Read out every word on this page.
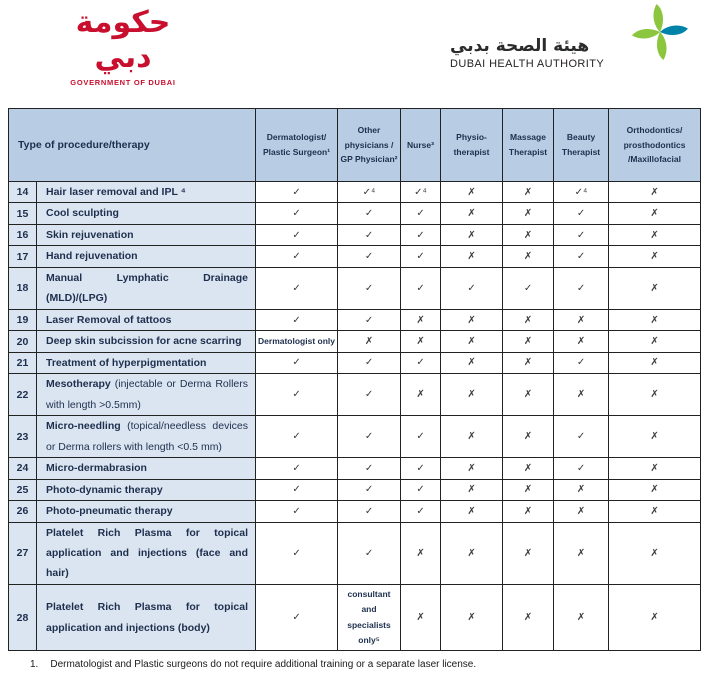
حكومة دبي
GOVERNMENT OF DUBAI
هيئة الصحة بدبي
DUBAI HEALTH AUTHORITY
Type of procedure/therapy		Dermatologist/ Plastic Surgeon¹	Other physicians / GP Physician²	Nurse³	Physio- therapist	Massage Therapist	Beauty Therapist	Orthodontics/ prosthodontics /Maxillofacial
14	Hair laser removal and IPL ⁴	✓	✓⁴	✓⁴	✗	✗	✓⁴	✗
15	Cool sculpting	✓	✓	✓	✗	✗	✓	✗
16	Skin rejuvenation	✓	✓	✓	✗	✗	✓	✗
17	Hand rejuvenation	✓	✓	✓	✗	✗	✓	✗
18	Manual Lymphatic Drainage (MLD)/(LPG)	✓	✓	✓	✓	✓	✓	✗
19	Laser Removal of tattoos	✓	✓	✗	✗	✗	✗	✗
20	Deep skin subcission for acne scarring	Dermatologist only	✗	✗	✗	✗	✗	✗
21	Treatment of hyperpigmentation	✓	✓	✓	✗	✗	✓	✗
22	Mesotherapy (injectable or Derma Rollers with length >0.5mm)	✓	✓	✗	✗	✗	✗	✗
23	Micro-needling (topical/needless devices or Derma rollers with length <0.5 mm)	✓	✓	✓	✗	✗	✓	✗
24	Micro-dermabrasion	✓	✓	✓	✗	✗	✓	✗
25	Photo-dynamic therapy	✓	✓	✓	✗	✗	✗	✗
26	Photo-pneumatic therapy	✓	✓	✓	✗	✗	✗	✗
27	Platelet Rich Plasma for topical application and injections (face and hair)	✓	✓	✗	✗	✗	✗	✗
28	Platelet Rich Plasma for topical application and injections (body)	✓	consultant and specialists only⁵	✗	✗	✗	✗	✗
1. Dermatologist and Plastic surgeons do not require additional training or a separate laser license.
